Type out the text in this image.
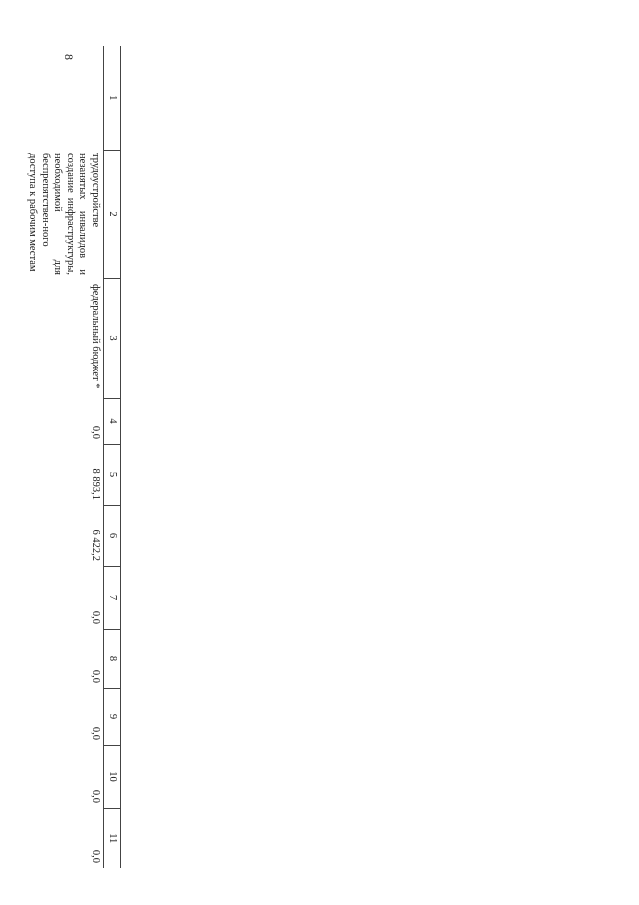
8
1	2	3	4	5	6	7	8	9	10	11
	трудоустройстве незанятых инвалидов и создание инфраструктуры, необходимой для беспрепятствен-ного доступа к рабочим местам	федеральный бюджет *	0,0	8 893,1	6 422,2	0,0	0,0	0,0	0,0	0,0
